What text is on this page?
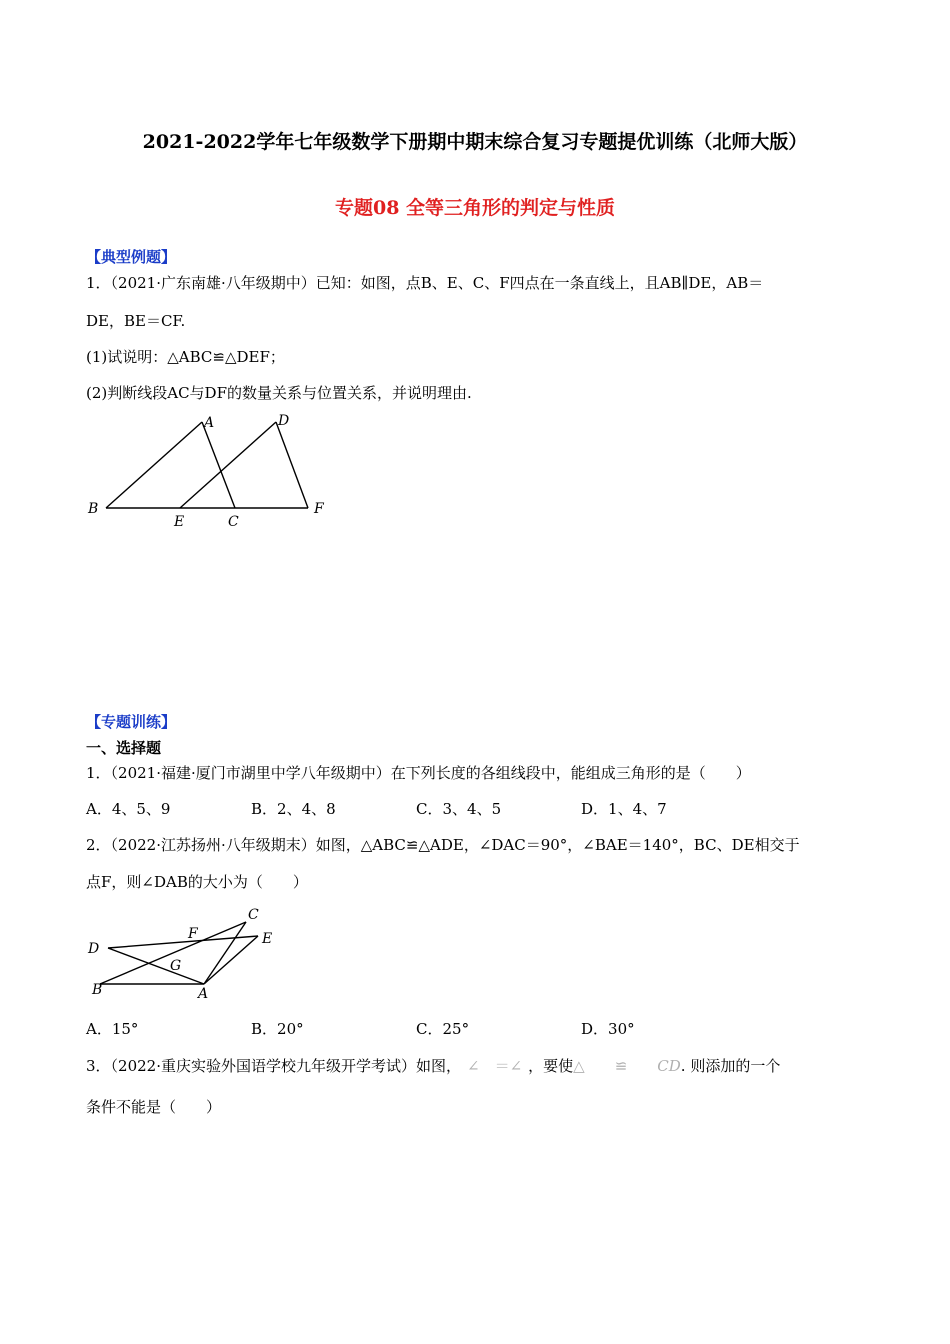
2021-2022学年七年级数学下册期中期末综合复习专题提优训练（北师大版）
专题08 全等三角形的判定与性质
【典型例题】
1．（2021·广东南雄·八年级期中）已知：如图，点B、E、C、F四点在一条直线上，且AB∥DE，AB＝
DE，BE＝CF.
(1)试说明：△ABC≌△DEF；
(2)判断线段AC与DF的数量关系与位置关系，并说明理由.
A	D
B
E	C
F
【专题训练】
一、选择题
1．（2021·福建·厦门市湖里中学八年级期中）在下列长度的各组线段中，能组成三角形的是（　　）
A．4、5、9	B．2、4、8	C．3、4、5	D．1、4、7
2．（2022·江苏扬州·八年级期末）如图，△ABC≌△ADE，∠DAC＝90°，∠BAE＝140°，BC、DE相交于
点F，则∠DAB的大小为（　　）
C
F	E
D
G
B	A
A．15°	B．20°	C．25°	D．30°
3．（2022·重庆实验外国语学校九年级开学考试）如图， ∠　＝∠ ，要使△ ≌ CD. 则添加的一个
条件不能是（　　）
